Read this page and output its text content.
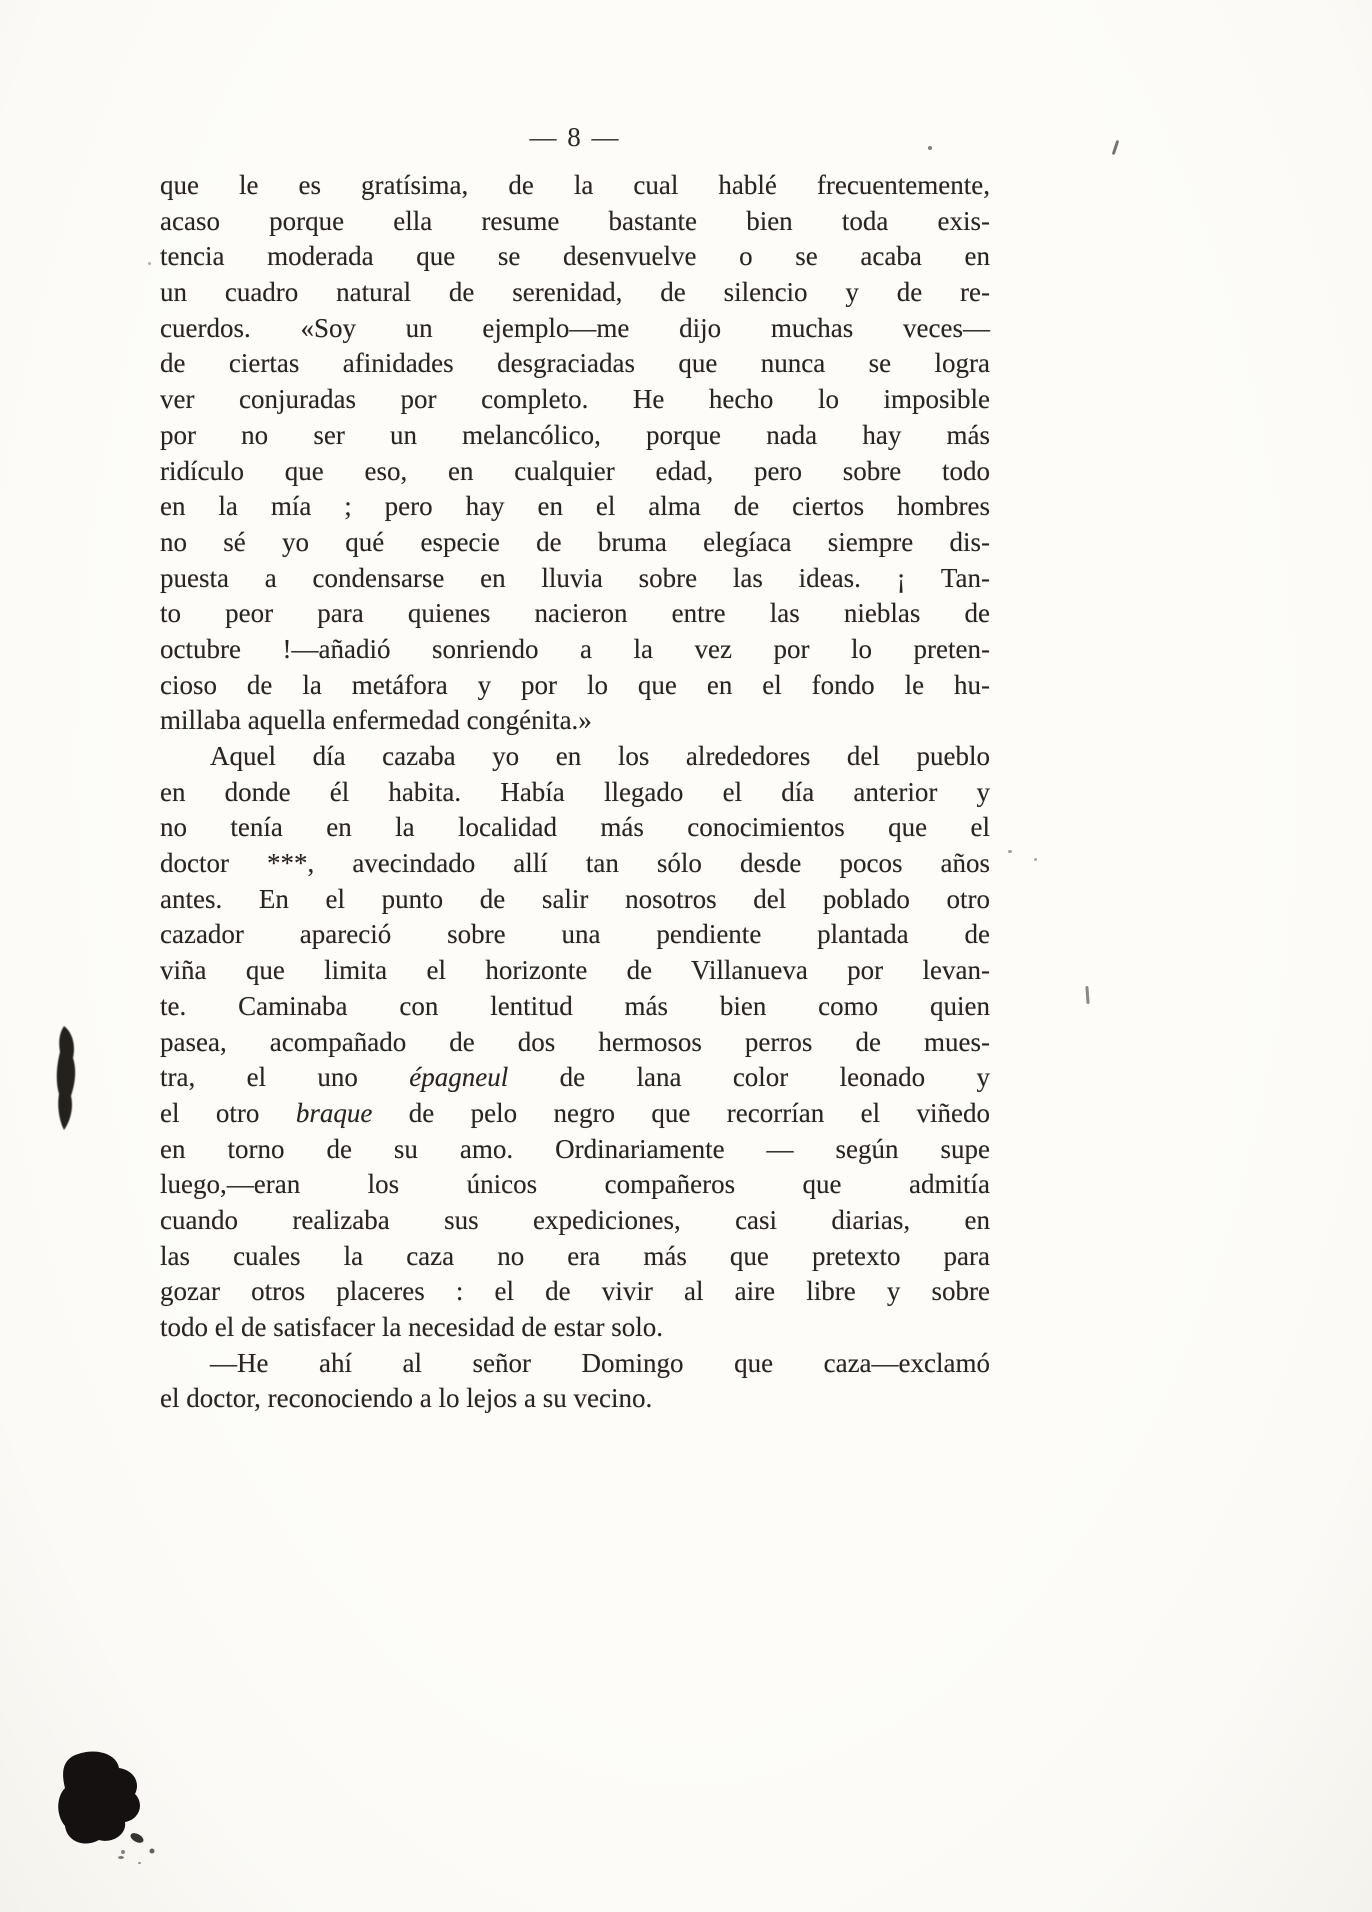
— 8 —
que le es gratísima, de la cual hablé frecuentemente,
acaso porque ella resume bastante bien toda exis-
tencia moderada que se desenvuelve o se acaba en
un cuadro natural de serenidad, de silencio y de re-
cuerdos. «Soy un ejemplo—me dijo muchas veces—
de ciertas afinidades desgraciadas que nunca se logra
ver conjuradas por completo. He hecho lo imposible
por no ser un melancólico, porque nada hay más
ridículo que eso, en cualquier edad, pero sobre todo
en la mía ; pero hay en el alma de ciertos hombres
no sé yo qué especie de bruma elegíaca siempre dis-
puesta a condensarse en lluvia sobre las ideas. ¡ Tan-
to peor para quienes nacieron entre las nieblas de
octubre !—añadió sonriendo a la vez por lo preten-
cioso de la metáfora y por lo que en el fondo le hu-
millaba aquella enfermedad congénita.»
Aquel día cazaba yo en los alrededores del pueblo
en donde él habita. Había llegado el día anterior y
no tenía en la localidad más conocimientos que el
doctor ***, avecindado allí tan sólo desde pocos años
antes. En el punto de salir nosotros del poblado otro
cazador apareció sobre una pendiente plantada de
viña que limita el horizonte de Villanueva por levan-
te. Caminaba con lentitud más bien como quien
pasea, acompañado de dos hermosos perros de mues-
tra, el uno épagneul de lana color leonado y
el otro braque de pelo negro que recorrían el viñedo
en torno de su amo. Ordinariamente — según supe
luego,—eran los únicos compañeros que admitía
cuando realizaba sus expediciones, casi diarias, en
las cuales la caza no era más que pretexto para
gozar otros placeres : el de vivir al aire libre y sobre
todo el de satisfacer la necesidad de estar solo.
—He ahí al señor Domingo que caza—exclamó
el doctor, reconociendo a lo lejos a su vecino.
